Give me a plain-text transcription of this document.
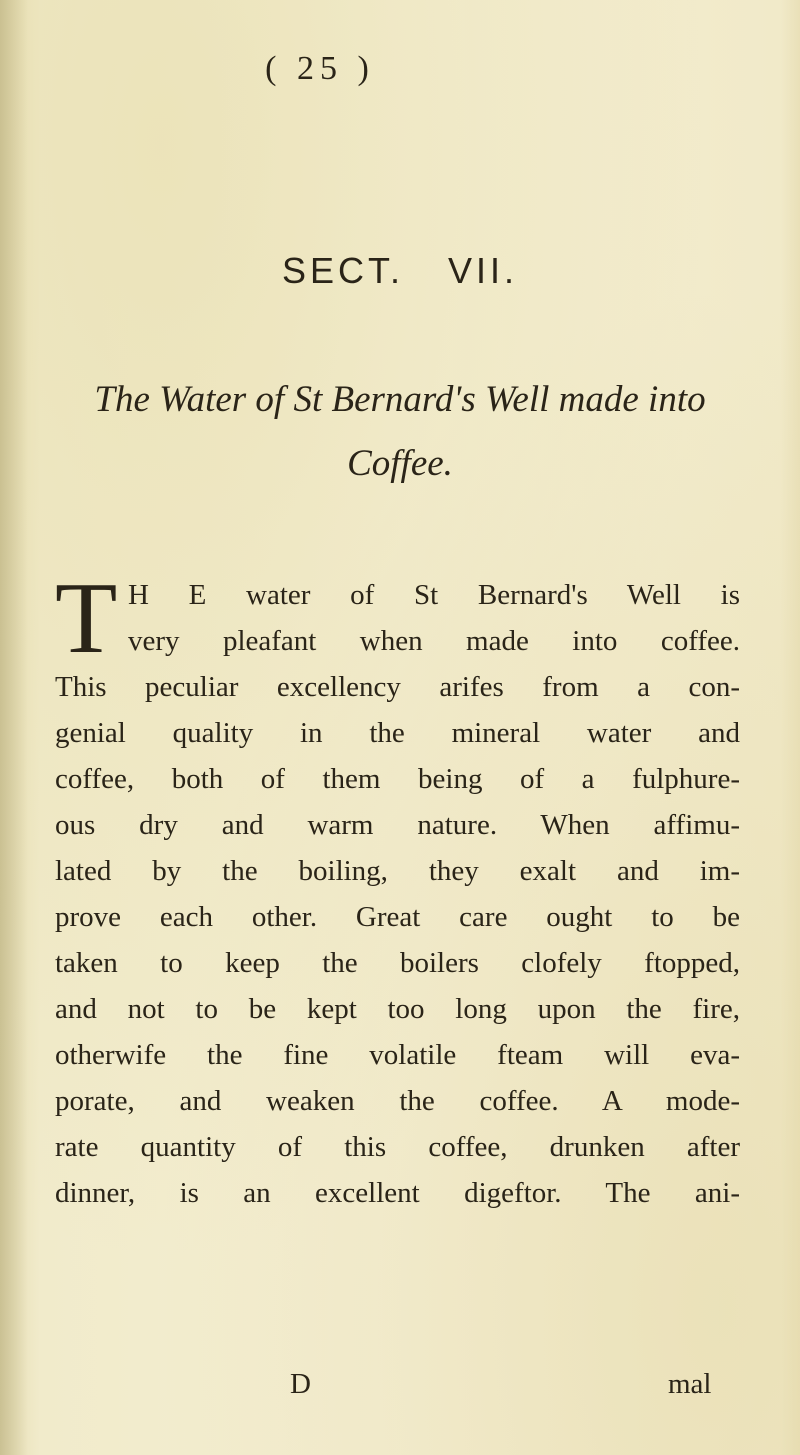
( 25 )
SECT. VII.
The Water of St Bernard's Well made into
Coffee.
T H E water of St Bernard's Well is
very pleafant when made into coffee.
This peculiar excellency arifes from a con-
genial quality in the mineral water and
coffee, both of them being of a fulphure-
ous dry and warm nature. When affimu-
lated by the boiling, they exalt and im-
prove each other. Great care ought to be
taken to keep the boilers clofely ftopped,
and not to be kept too long upon the fire,
otherwife the fine volatile fteam will eva-
porate, and weaken the coffee. A mode-
rate quantity of this coffee, drunken after
dinner, is an excellent digeftor. The ani-
D	mal
